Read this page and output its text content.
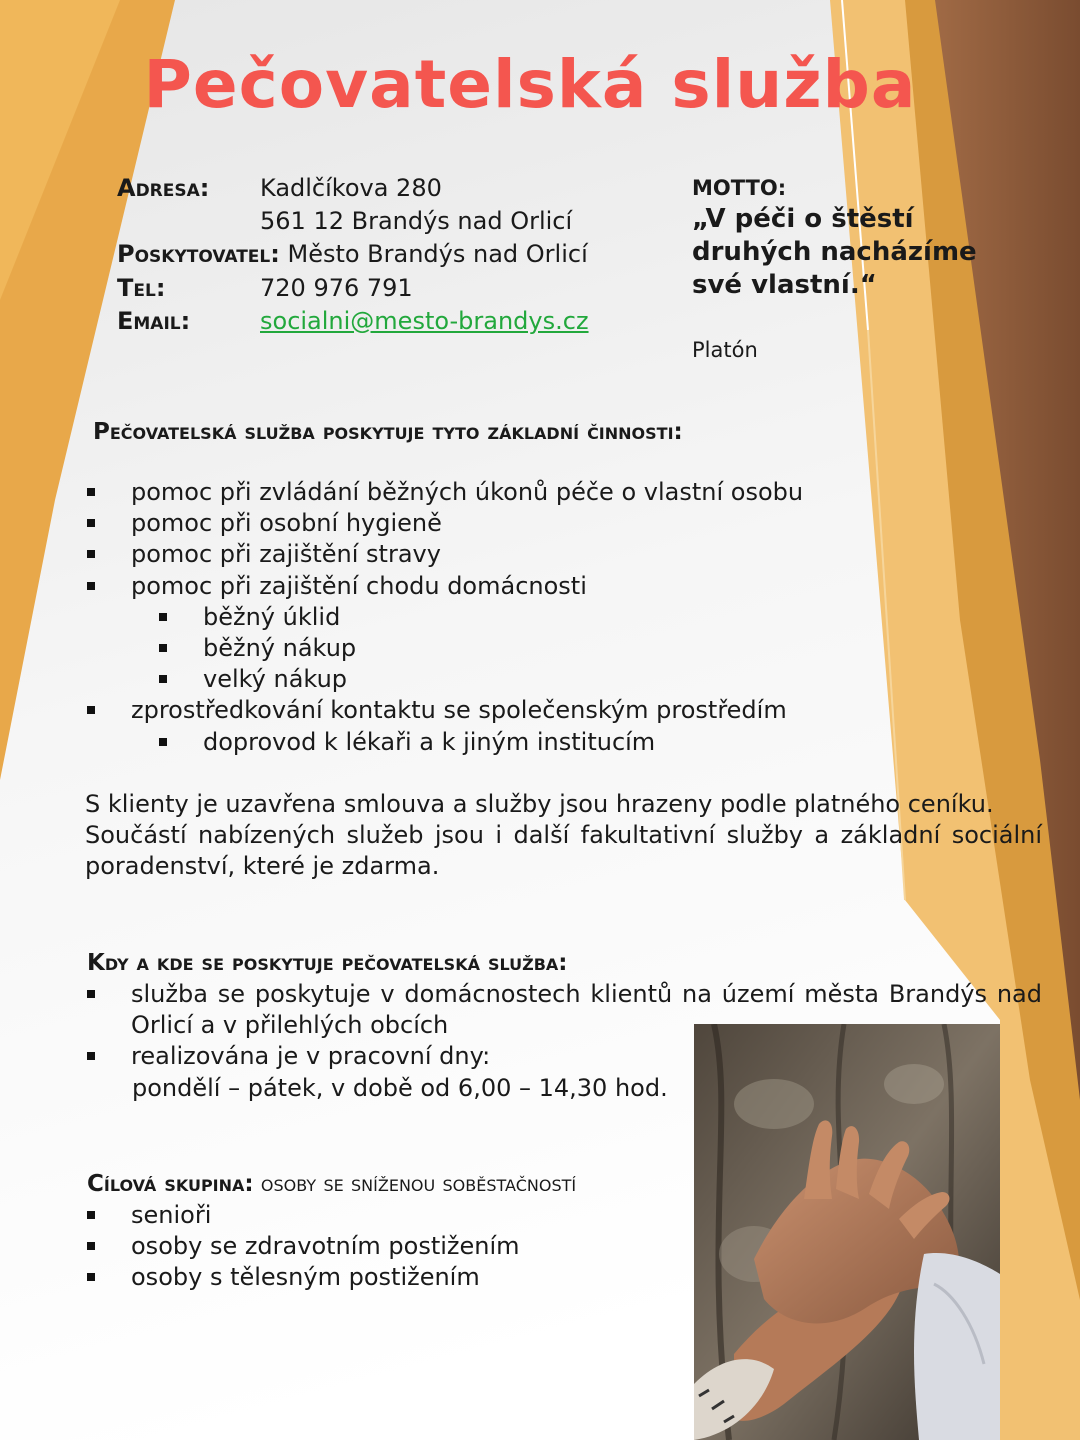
Pečovatelská služba
Adresa: Kadlčíkova 280
561 12 Brandýs nad Orlicí
Poskytovatel: Město Brandýs nad Orlicí
Tel:	720 976 791
Email:	socialni@mesto-brandys.cz
MOTTO:
„V péči o štěstí druhých nacházíme své vlastní.“
Platón
Pečovatelská služba poskytuje tyto základní činnosti:
pomoc při zvládání běžných úkonů péče o vlastní osobu
pomoc při osobní hygieně
pomoc při zajištění stravy
pomoc při zajištění chodu domácnosti
běžný úklid
běžný nákup
velký nákup
zprostředkování kontaktu se společenským prostředím
doprovod k lékaři a k jiným institucím
S klienty je uzavřena smlouva a služby jsou hrazeny podle platného ceníku.
Součástí nabízených služeb jsou i další fakultativní služby a základní sociální poradenství, které je zdarma.
Kdy a kde se poskytuje pečovatelská služba:
služba se poskytuje v domácnostech klientů na území města Brandýs nad Orlicí a v přilehlých obcích
realizována je v pracovní dny:
pondělí – pátek, v době od 6,00 – 14,30 hod.
Cílová skupina: osoby se sníženou soběstačností
senioři
osoby se zdravotním postižením
osoby s tělesným postižením
